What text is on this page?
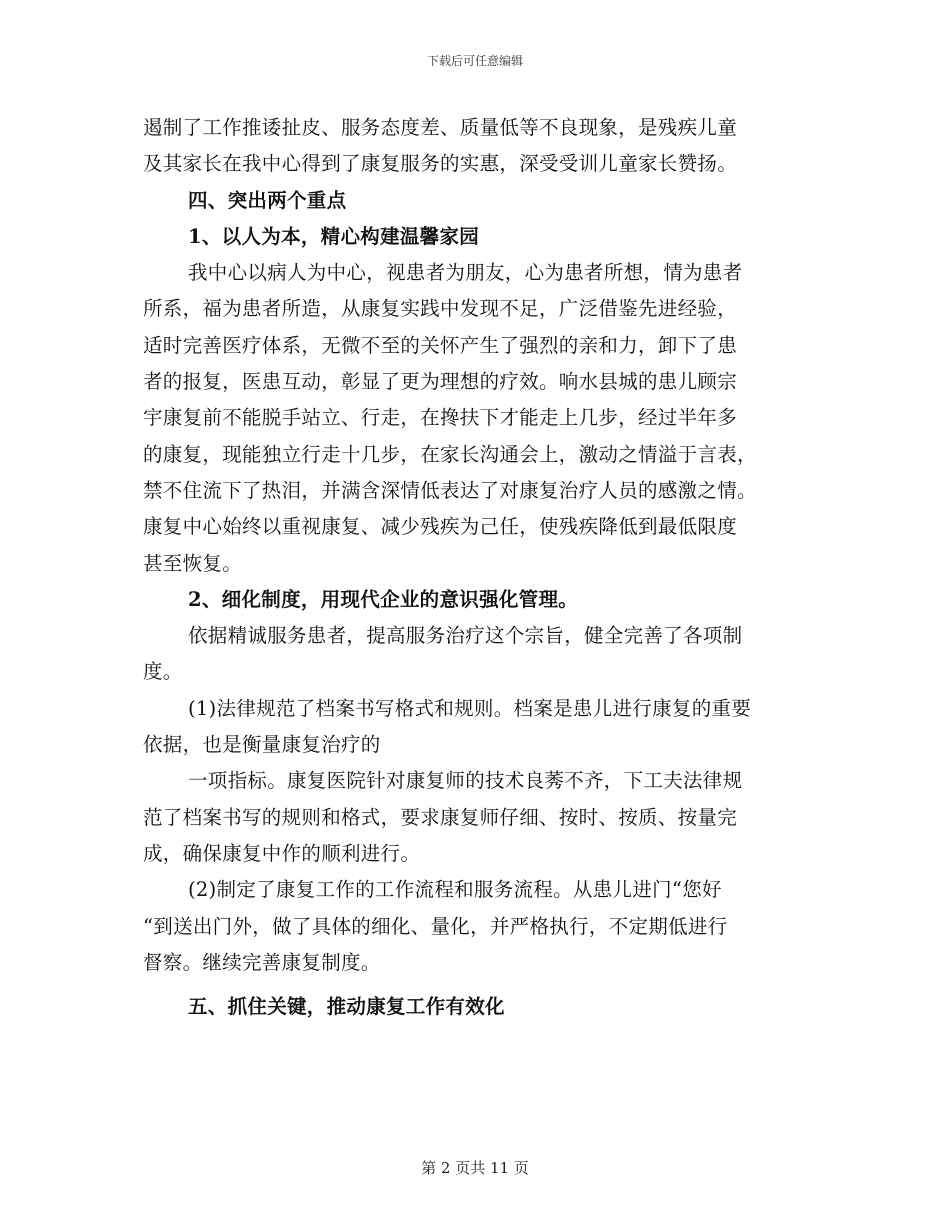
下载后可任意编辑
遏制了工作推诿扯皮、服务态度差、质量低等不良现象，是残疾儿童
及其家长在我中心得到了康复服务的实惠，深受受训儿童家长赞扬。
四、突出两个重点
1、以人为本，精心构建温馨家园
我中心以病人为中心，视患者为朋友，心为患者所想，情为患者
所系，福为患者所造，从康复实践中发现不足，广泛借鉴先进经验，
适时完善医疗体系，无微不至的关怀产生了强烈的亲和力，卸下了患
者的报复，医患互动，彰显了更为理想的疗效。响水县城的患儿顾宗
宇康复前不能脱手站立、行走，在搀扶下才能走上几步，经过半年多
的康复，现能独立行走十几步，在家长沟通会上，激动之情溢于言表，
禁不住流下了热泪，并满含深情低表达了对康复治疗人员的感激之情。
康复中心始终以重视康复、减少残疾为己任，使残疾降低到最低限度
甚至恢复。
2、细化制度，用现代企业的意识强化管理。
依据精诚服务患者，提高服务治疗这个宗旨，健全完善了各项制
度。
(1)法律规范了档案书写格式和规则。档案是患儿进行康复的重要
依据，也是衡量康复治疗的
一项指标。康复医院针对康复师的技术良莠不齐，下工夫法律规
范了档案书写的规则和格式，要求康复师仔细、按时、按质、按量完
成，确保康复中作的顺利进行。
(2)制定了康复工作的工作流程和服务流程。从患儿进门“您好
“到送出门外，做了具体的细化、量化，并严格执行，不定期低进行
督察。继续完善康复制度。
五、抓住关键，推动康复工作有效化
第 2 页共 11 页
